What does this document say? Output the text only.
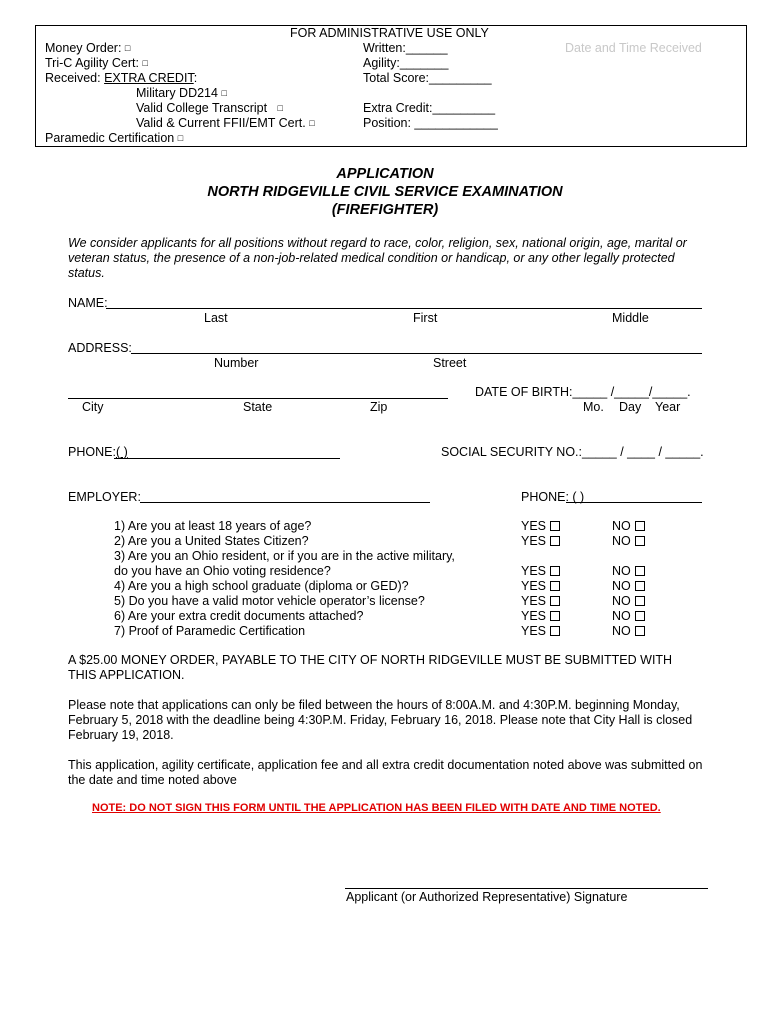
FOR ADMINISTRATIVE USE ONLY
Money Order: □
Tri-C Agility Cert: □
Received: EXTRA CREDIT:
Military DD214 □
Valid College Transcript □
Valid & Current FFII/EMT Cert. □
Paramedic Certification □
Written:______
Agility:_______
Total Score:_________
Extra Credit:_________
Position: ____________
Date and Time Received
APPLICATION
NORTH RIDGEVILLE CIVIL SERVICE EXAMINATION
(FIREFIGHTER)
We consider applicants for all positions without regard to race, color, religion, sex, national origin, age, marital or
veteran status, the presence of a non-job-related medical condition or handicap, or any other legally protected
status.
NAME:
Last	First	Middle
ADDRESS:
Number	Street
DATE OF BIRTH:_____ /_____/_____.
City	State	Zip	Mo. Day Year
PHONE:( )	SOCIAL SECURITY NO.:_____ / ____ / _____.
EMPLOYER:	PHONE: ( )
1) Are you at least 18 years of age?	YES	NO
2) Are you a United States Citizen?	YES	NO
3) Are you an Ohio resident, or if you are in the active military,
do you have an Ohio voting residence?	YES	NO
4) Are you a high school graduate (diploma or GED)?	YES	NO
5) Do you have a valid motor vehicle operator’s license?	YES	NO
6) Are your extra credit documents attached?	YES	NO
7) Proof of Paramedic Certification	YES	NO
A $25.00 MONEY ORDER, PAYABLE TO THE CITY OF NORTH RIDGEVILLE MUST BE SUBMITTED WITH
THIS APPLICATION.
Please note that applications can only be filed between the hours of 8:00A.M. and 4:30P.M. beginning Monday,
February 5, 2018 with the deadline being 4:30P.M. Friday, February 16, 2018. Please note that City Hall is closed
February 19, 2018.
This application, agility certificate, application fee and all extra credit documentation noted above was submitted on
the date and time noted above
NOTE: DO NOT SIGN THIS FORM UNTIL THE APPLICATION HAS BEEN FILED WITH DATE AND TIME NOTED.
Applicant (or Authorized Representative) Signature
